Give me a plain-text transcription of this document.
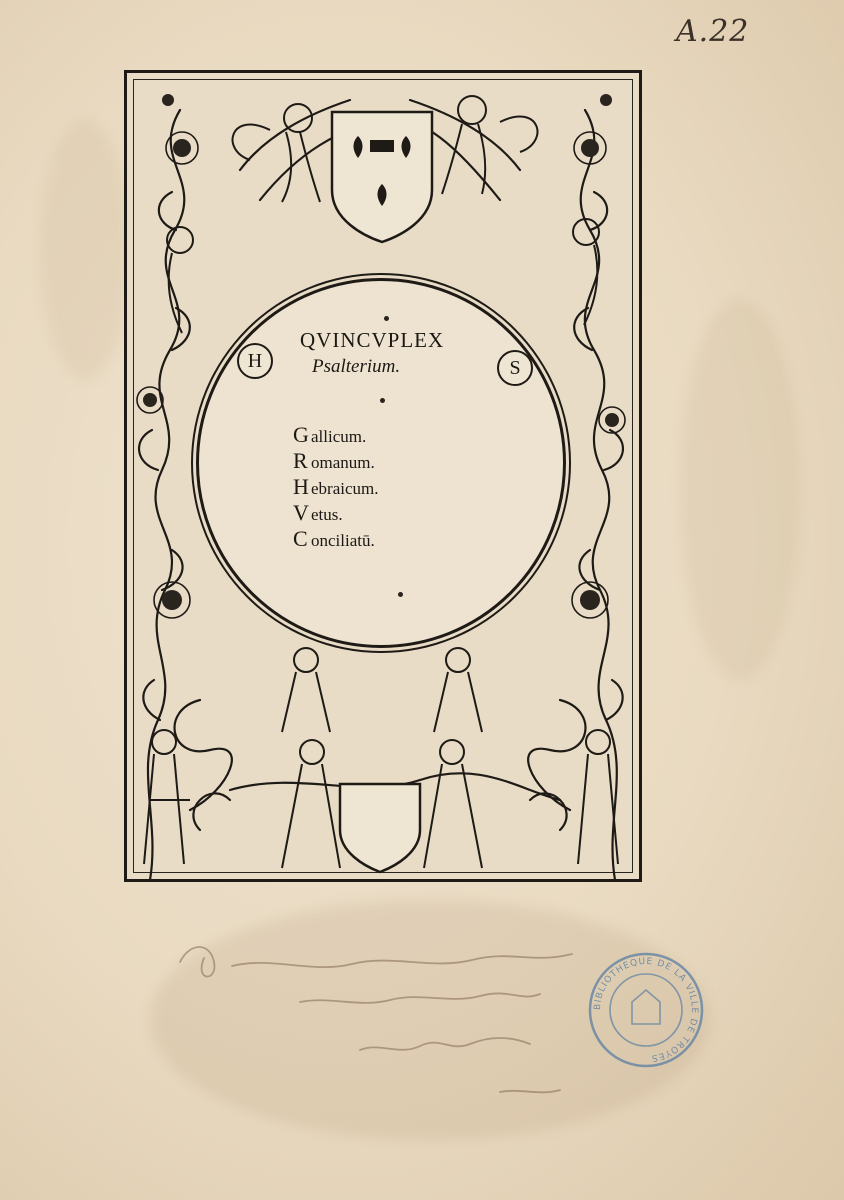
A.22
H	S
QVINCVPLEX
Psalterium.
G allicum.
R omanum.
H ebraicum.
V etus.
C onciliatū.
BIBLIOTHEQUE DE LA VILLE DE TROYES
